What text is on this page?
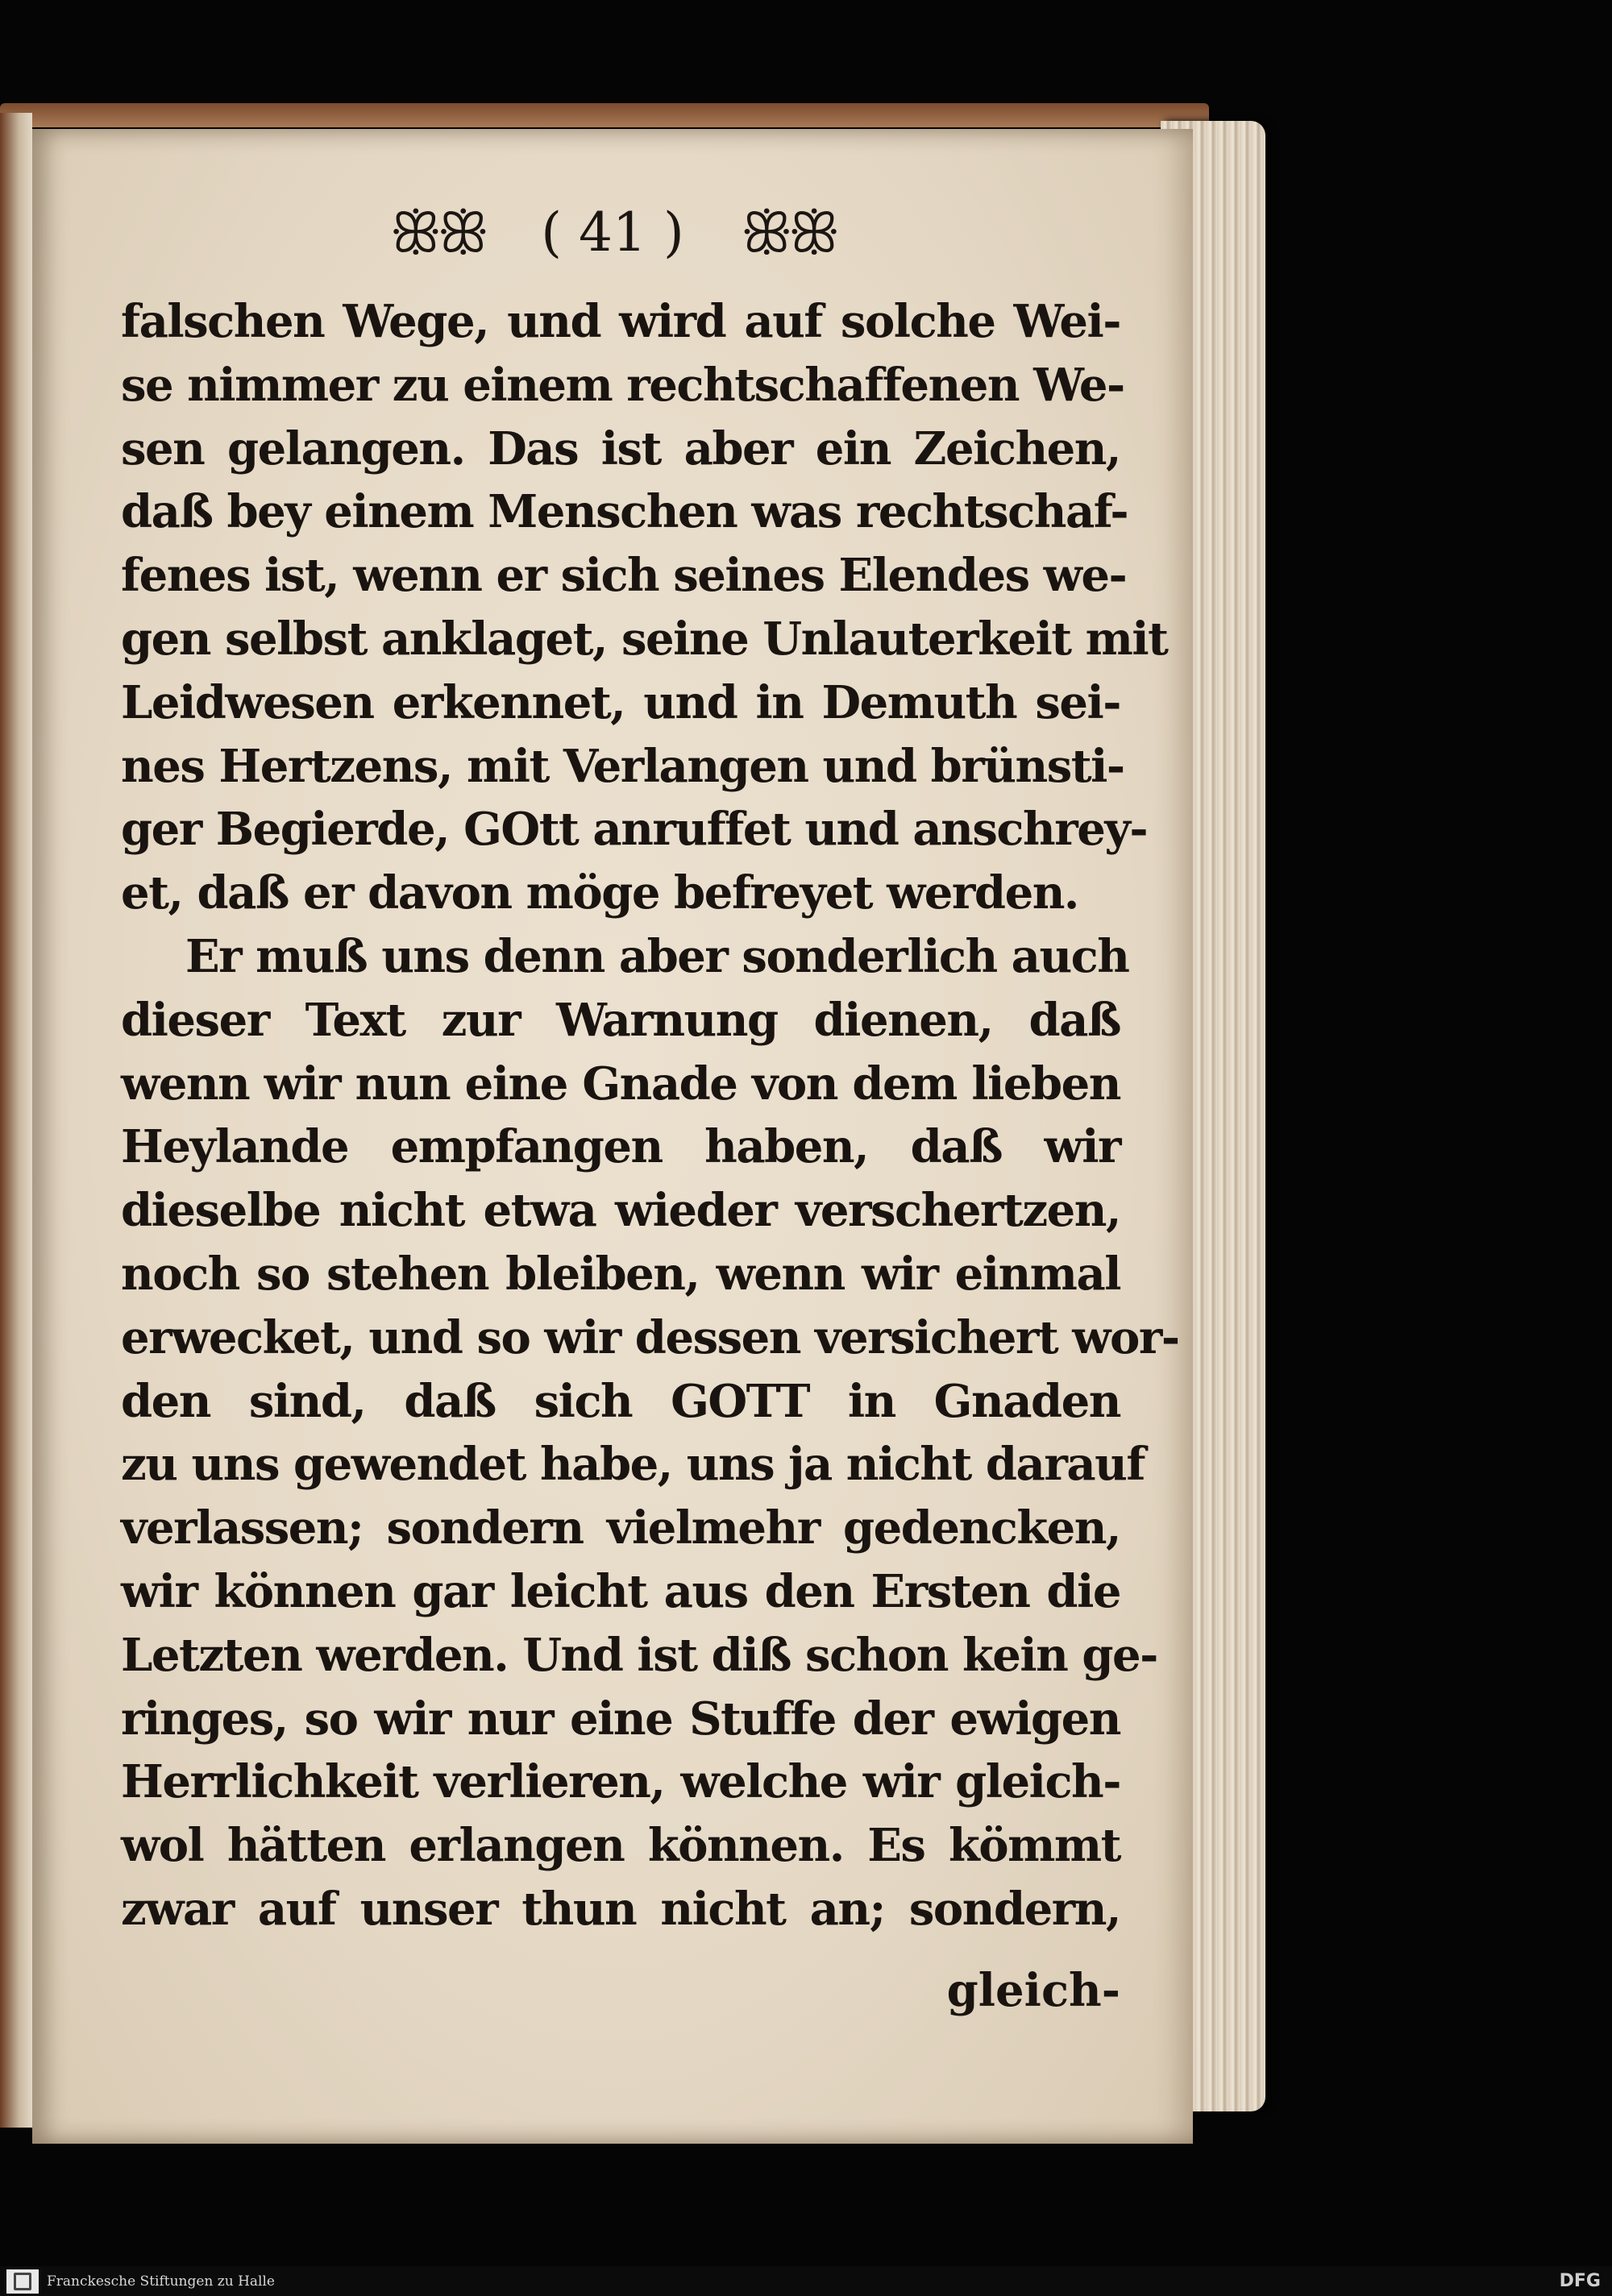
ꕥꕥ ( 41 ) ꕥꕥ
falschen Wege, und wird auf solche Wei-
se nimmer zu einem rechtschaffenen We-
sen gelangen. Das ist aber ein Zeichen,
daß bey einem Menschen was rechtschaf-
fenes ist, wenn er sich seines Elendes we-
gen selbst anklaget, seine Unlauterkeit mit
Leidwesen erkennet, und in Demuth sei-
nes Hertzens, mit Verlangen und brünsti-
ger Begierde, GOtt anruffet und anschrey-
et, daß er davon möge befreyet werden.
Er muß uns denn aber sonderlich auch
dieser Text zur Warnung dienen, daß
wenn wir nun eine Gnade von dem lieben
Heylande empfangen haben, daß wir
dieselbe nicht etwa wieder verschertzen,
noch so stehen bleiben, wenn wir einmal
erwecket, und so wir dessen versichert wor-
den sind, daß sich GOTT in Gnaden
zu uns gewendet habe, uns ja nicht darauf
verlassen; sondern vielmehr gedencken,
wir können gar leicht aus den Ersten die
Letzten werden. Und ist diß schon kein ge-
ringes, so wir nur eine Stuffe der ewigen
Herrlichkeit verlieren, welche wir gleich-
wol hätten erlangen können. Es kömmt
zwar auf unser thun nicht an; sondern,
gleich-
Franckesche Stiftungen zu Halle	DFG
